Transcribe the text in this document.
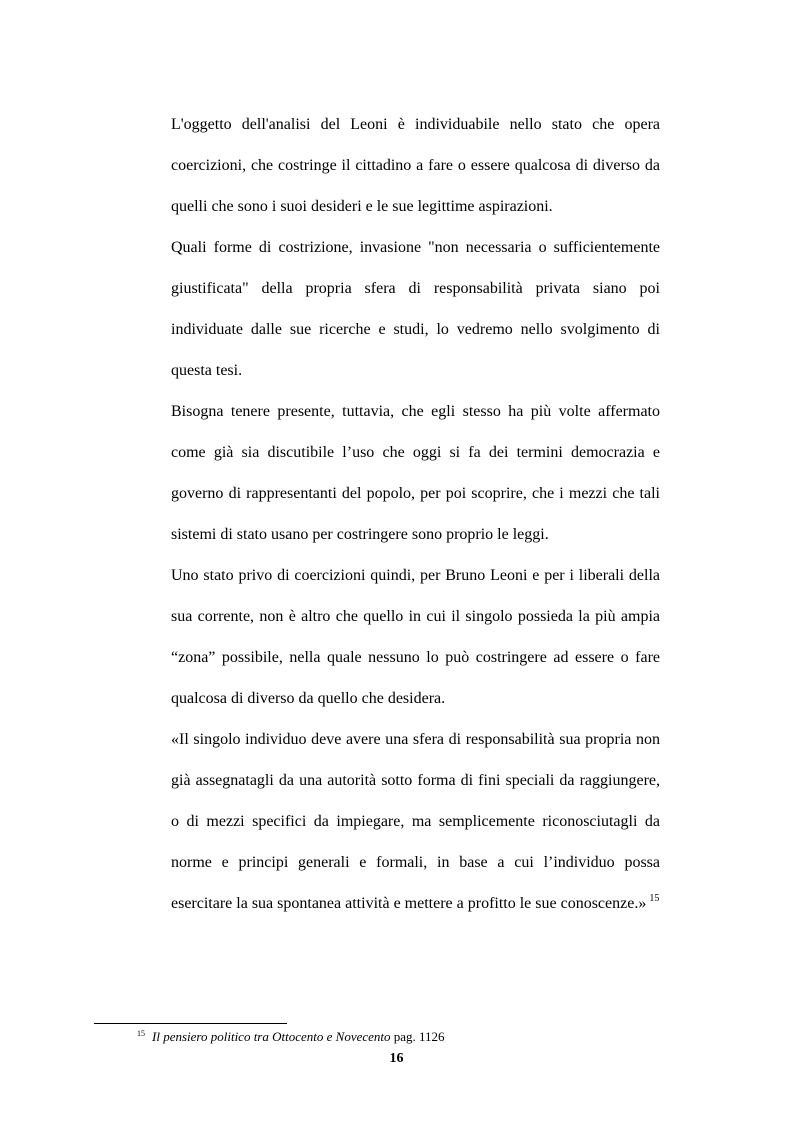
L'oggetto dell'analisi del Leoni è individuabile nello stato che opera coercizioni, che costringe il cittadino a fare o essere qualcosa di diverso da quelli che sono i suoi desideri e le sue legittime aspirazioni.

Quali forme di costrizione, invasione "non necessaria o sufficientemente giustificata" della propria sfera di responsabilità privata siano poi individuate dalle sue ricerche e studi, lo vedremo nello svolgimento di questa tesi.

Bisogna tenere presente, tuttavia, che egli stesso ha più volte affermato come già sia discutibile l’uso che oggi si fa dei termini democrazia e governo di rappresentanti del popolo, per poi scoprire, che i mezzi che tali sistemi di stato usano per costringere sono proprio le leggi.

Uno stato privo di coercizioni quindi, per Bruno Leoni e per i liberali della sua corrente, non è altro che quello in cui il singolo possieda la più ampia “zona” possibile, nella quale nessuno lo può costringere ad essere o fare qualcosa di diverso da quello che desidera.

«Il singolo individuo deve avere una sfera di responsabilità sua propria non già assegnatagli da una autorità sotto forma di fini speciali da raggiungere, o di mezzi specifici da impiegare, ma semplicemente riconosciutagli da norme e principi generali e formali, in base a cui l’individuo possa esercitare la sua spontanea attività e mettere a profitto le sue conoscenze.» $^{15}$

$^{15}$ Il pensiero politico tra Ottocento e Novecento pag. 1126
16
